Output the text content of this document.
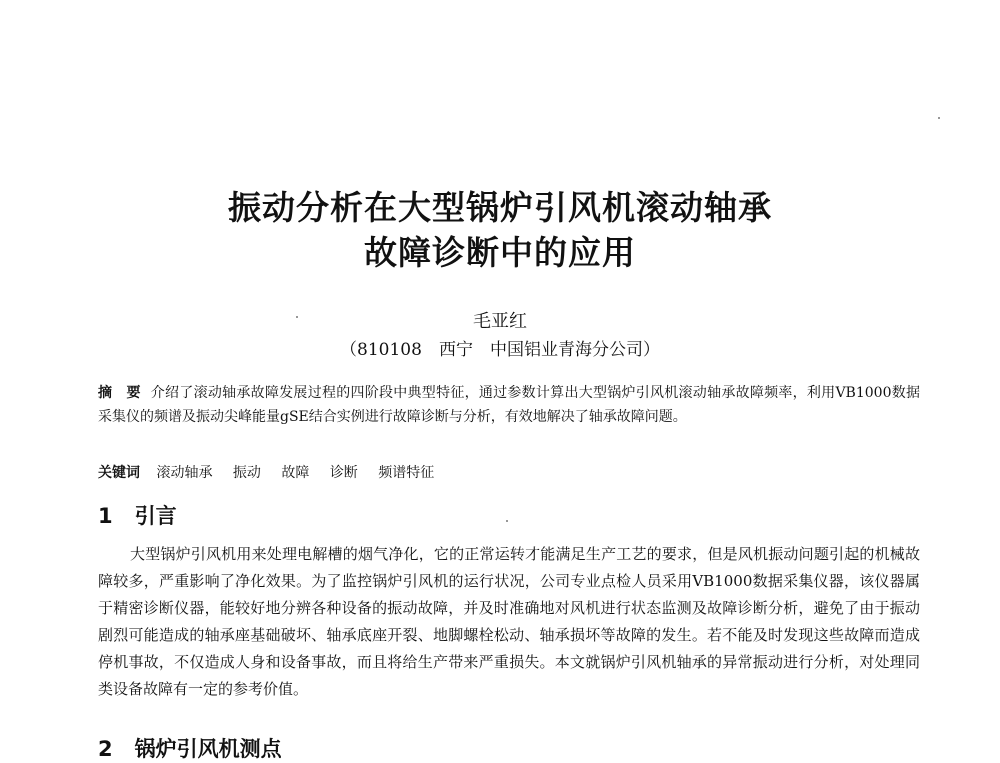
振动分析在大型锅炉引风机滚动轴承
故障诊断中的应用
毛亚红
（810108　西宁　中国铝业青海分公司）
摘　要 介绍了滚动轴承故障发展过程的四阶段中典型特征，通过参数计算出大型锅炉引风机滚动轴承故障频率，利用VB1000数据采集仪的频谱及振动尖峰能量gSE结合实例进行故障诊断与分析，有效地解决了轴承故障问题。
关键词 滚动轴承 振动 故障 诊断 频谱特征
1 引言
大型锅炉引风机用来处理电解槽的烟气净化，它的正常运转才能满足生产工艺的要求，但是风机振动问题引起的机械故障较多，严重影响了净化效果。为了监控锅炉引风机的运行状况，公司专业点检人员采用VB1000数据采集仪器，该仪器属于精密诊断仪器，能较好地分辨各种设备的振动故障，并及时准确地对风机进行状态监测及故障诊断分析，避免了由于振动剧烈可能造成的轴承座基础破坏、轴承底座开裂、地脚螺栓松动、轴承损坏等故障的发生。若不能及时发现这些故障而造成停机事故，不仅造成人身和设备事故，而且将给生产带来严重损失。本文就锅炉引风机轴承的异常振动进行分析，对处理同类设备故障有一定的参考价值。
2 锅炉引风机测点
